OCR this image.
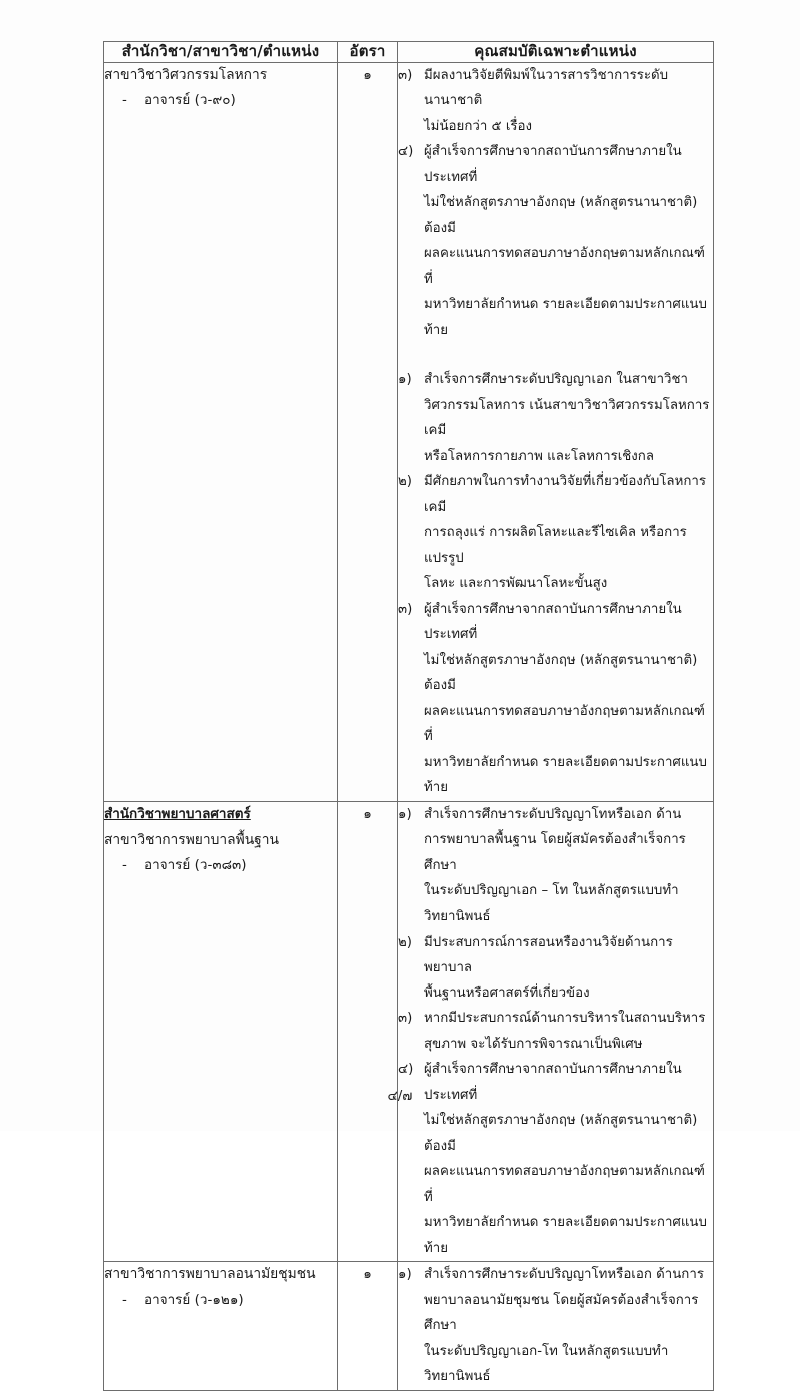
สำนักวิชา/สาขาวิชา/ตำแหน่ง	อัตรา	คุณสมบัติเฉพาะตำแหน่ง

สาขาวิชาวิศวกรรมโลหการ
- อาจารย์ (ว-๙๐)
	๑	๓) มีผลงานวิจัยตีพิมพ์ในวารสารวิชาการระดับนานาชาติ
ไม่น้อยกว่า ๕ เรื่อง
๔) ผู้สำเร็จการศึกษาจากสถาบันการศึกษาภายในประเทศที่
ไม่ใช่หลักสูตรภาษาอังกฤษ (หลักสูตรนานาชาติ) ต้องมี
ผลคะแนนการทดสอบภาษาอังกฤษตามหลักเกณฑ์ที่
มหาวิทยาลัยกำหนด รายละเอียดตามประกาศแนบท้าย
๑) สำเร็จการศึกษาระดับปริญญาเอก ในสาขาวิชา
วิศวกรรมโลหการ เน้นสาขาวิชาวิศวกรรมโลหการเคมี
หรือโลหการกายภาพ และโลหการเชิงกล
๒) มีศักยภาพในการทำงานวิจัยที่เกี่ยวข้องกับโลหการเคมี
การถลุงแร่ การผลิตโลหะและรีไซเคิล หรือการแปรรูป
โลหะ และการพัฒนาโลหะขั้นสูง
๓) ผู้สำเร็จการศึกษาจากสถาบันการศึกษาภายในประเทศที่
ไม่ใช่หลักสูตรภาษาอังกฤษ (หลักสูตรนานาชาติ) ต้องมี
ผลคะแนนการทดสอบภาษาอังกฤษตามหลักเกณฑ์ที่
มหาวิทยาลัยกำหนด รายละเอียดตามประกาศแนบท้าย

สำนักวิชาพยาบาลศาสตร์
สาขาวิชาการพยาบาลพื้นฐาน
- อาจารย์ (ว-๓๘๓)
	๑	๑) สำเร็จการศึกษาระดับปริญญาโทหรือเอก ด้าน
การพยาบาลพื้นฐาน โดยผู้สมัครต้องสำเร็จการศึกษา
ในระดับปริญญาเอก – โท ในหลักสูตรแบบทำวิทยานิพนธ์
๒) มีประสบการณ์การสอนหรืองานวิจัยด้านการพยาบาล
พื้นฐานหรือศาสตร์ที่เกี่ยวข้อง
๓) หากมีประสบการณ์ด้านการบริหารในสถานบริหาร
สุขภาพ จะได้รับการพิจารณาเป็นพิเศษ
๔) ผู้สำเร็จการศึกษาจากสถาบันการศึกษาภายในประเทศที่
ไม่ใช่หลักสูตรภาษาอังกฤษ (หลักสูตรนานาชาติ) ต้องมี
ผลคะแนนการทดสอบภาษาอังกฤษตามหลักเกณฑ์ที่
มหาวิทยาลัยกำหนด รายละเอียดตามประกาศแนบท้าย

สาขาวิชาการพยาบาลอนามัยชุมชน
- อาจารย์ (ว-๑๒๑)
	๑	๑) สำเร็จการศึกษาระดับปริญญาโทหรือเอก ด้านการ
พยาบาลอนามัยชุมชน โดยผู้สมัครต้องสำเร็จการศึกษา
ในระดับปริญญาเอก-โท ในหลักสูตรแบบทำวิทยานิพนธ์
๔/๗
